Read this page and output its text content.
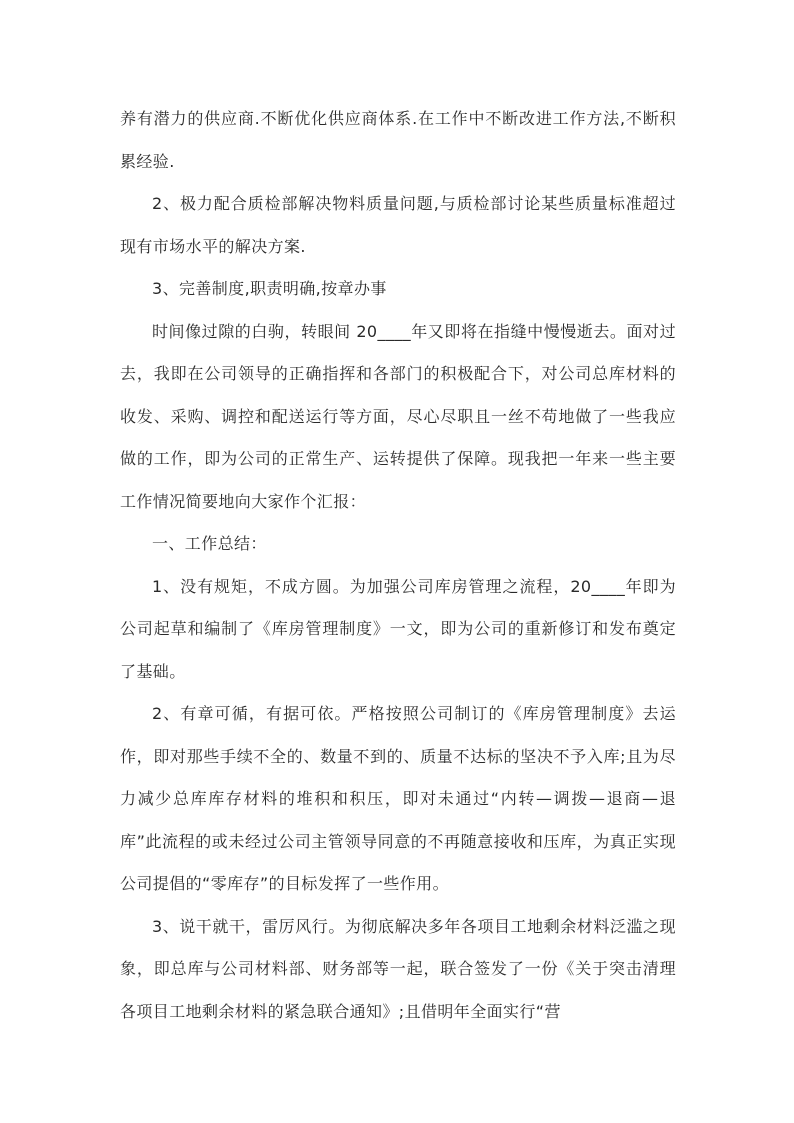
养有潜力的供应商.不断优化供应商体系.在工作中不断改进工作方法,不断积累经验.

2、极力配合质检部解决物料质量问题,与质检部讨论某些质量标准超过现有市场水平的解决方案.

3、完善制度,职责明确,按章办事

时间像过隙的白驹，转眼间 20____年又即将在指缝中慢慢逝去。面对过去，我即在公司领导的正确指挥和各部门的积极配合下，对公司总库材料的收发、采购、调控和配送运行等方面，尽心尽职且一丝不苟地做了一些我应做的工作，即为公司的正常生产、运转提供了保障。现我把一年来一些主要工作情况简要地向大家作个汇报：

一、工作总结：

1、没有规矩，不成方圆。为加强公司库房管理之流程，20____年即为公司起草和编制了《库房管理制度》一文，即为公司的重新修订和发布奠定了基础。

2、有章可循，有据可依。严格按照公司制订的《库房管理制度》去运作，即对那些手续不全的、数量不到的、质量不达标的坚决不予入库;且为尽力减少总库库存材料的堆积和积压，即对未通过“内转—调拨—退商—退库”此流程的或未经过公司主管领导同意的不再随意接收和压库，为真正实现公司提倡的“零库存”的目标发挥了一些作用。

3、说干就干，雷厉风行。为彻底解决多年各项目工地剩余材料泛滥之现象，即总库与公司材料部、财务部等一起，联合签发了一份《关于突击清理各项目工地剩余材料的紧急联合通知》;且借明年全面实行“营
